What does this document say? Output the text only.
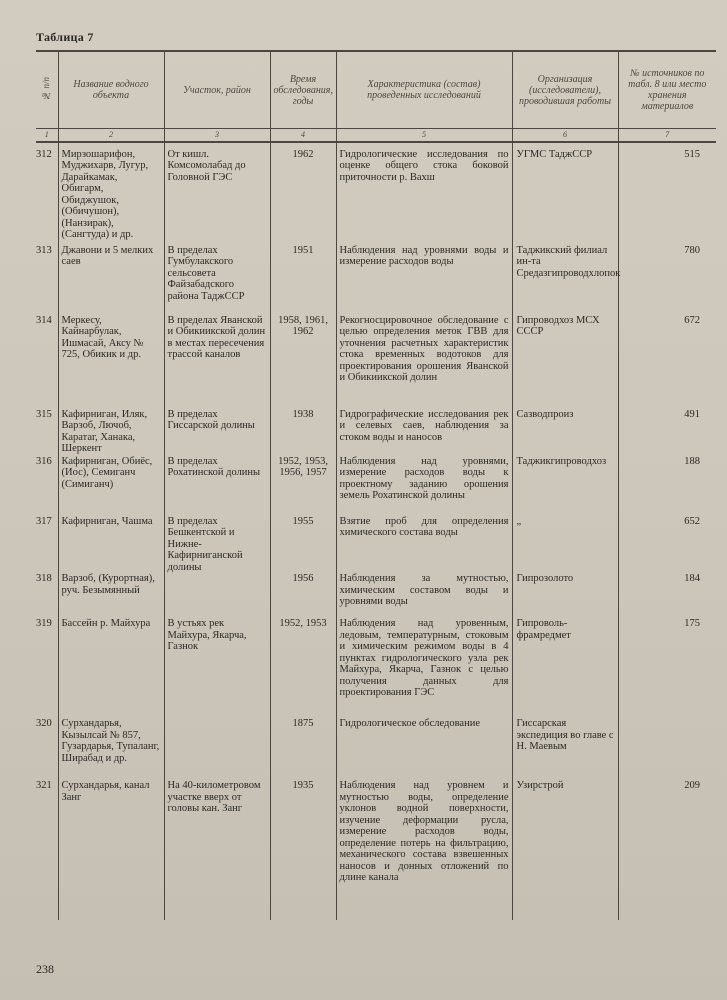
Таблица 7
№ п/п	Название водного объекта	Участок, район	Время обследования, годы	Характеристика (состав) проведенных исследований	Организация (исследователи), проводившая работы	№ источников по табл. 8 или место хранения материалов
1	2	3	4	5	6	7
312	Мирзошарифон, Муджихарв, Лугур, Дарайкамак, Обигарм, Обиджушок, (Обичушон), (Нанзирак), (Сангтуда) и др.	От кишл. Комсомолабад до Головной ГЭС	1962	Гидрологические исследования по оценке общего стока боковой приточности р. Вахш	УГМС ТаджССР	515
313	Джавони и 5 мелких саев	В пределах Гумбулакского сельсовета Файзабадского района ТаджССР	1951	Наблюдения над уровнями воды и измерение расходов воды	Таджикский филиал ин-та Средазгипроводхлопок	780
314	Меркесу, Кайнарбулак, Ишмасай, Аксу № 725, Обикик и др.	В пределах Яванской и Обикиикской долин в местах пересечения трассой каналов	1958, 1961, 1962	Рекогносцировочное обследование с целью определения меток ГВВ для уточнения расчетных характеристик стока временных водотоков для проектирования орошения Яванской и Обикиикской долин	Гипроводхоз МСХ СССР	672
315	Кафирниган, Иляк, Варзоб, Лючоб, Каратаг, Ханака, Шеркент	В пределах Гиссарской долины	1938	Гидрографические исследования рек и селевых саев, наблюдения за стоком воды и наносов	Сазводпроиз	491
316	Кафирниган, Обиёс, (Иос), Семиганч (Симиганч)	В пределах Рохатинской долины	1952, 1953, 1956, 1957	Наблюдения над уровнями, измерение расходов воды к проектному заданию орошения земель Рохатинской долины	Таджикгипроводхоз	188
317	Кафирниган, Чашма	В пределах Бешкентской и Нижне-Кафирниганской долины	1955	Взятие проб для определения химического состава воды	„	652
318	Варзоб, (Курортная), руч. Безымянный		1956	Наблюдения за мутностью, химическим составом воды и уровнями воды	Гипрозолото	184
319	Бассейн р. Майхура	В устьях рек Майхура, Якарча, Газнок	1952, 1953	Наблюдения над уровенным, ледовым, температурным, стоковым и химическим режимом воды в 4 пунктах гидрологического узла рек Майхура, Якарча, Газнок с целью получения данных для проектирования ГЭС	Гипроволь-фрамредмет	175
320	Сурхандарья, Кызылсай № 857, Гузардарья, Тупаланг, Ширабад и др.		1875	Гидрологическое обследование	Гиссарская экспедиция во главе с Н. Маевым	
321	Сурхандарья, канал Занг	На 40-километровом участке вверх от головы кан. Занг	1935	Наблюдения над уровнем и мутностью воды, определение уклонов водной поверхности, изучение деформации русла, измерение расходов воды, определение потерь на фильтрацию, механического состава взвешенных наносов и донных отложений по длине канала	Узирстрой	209
238
